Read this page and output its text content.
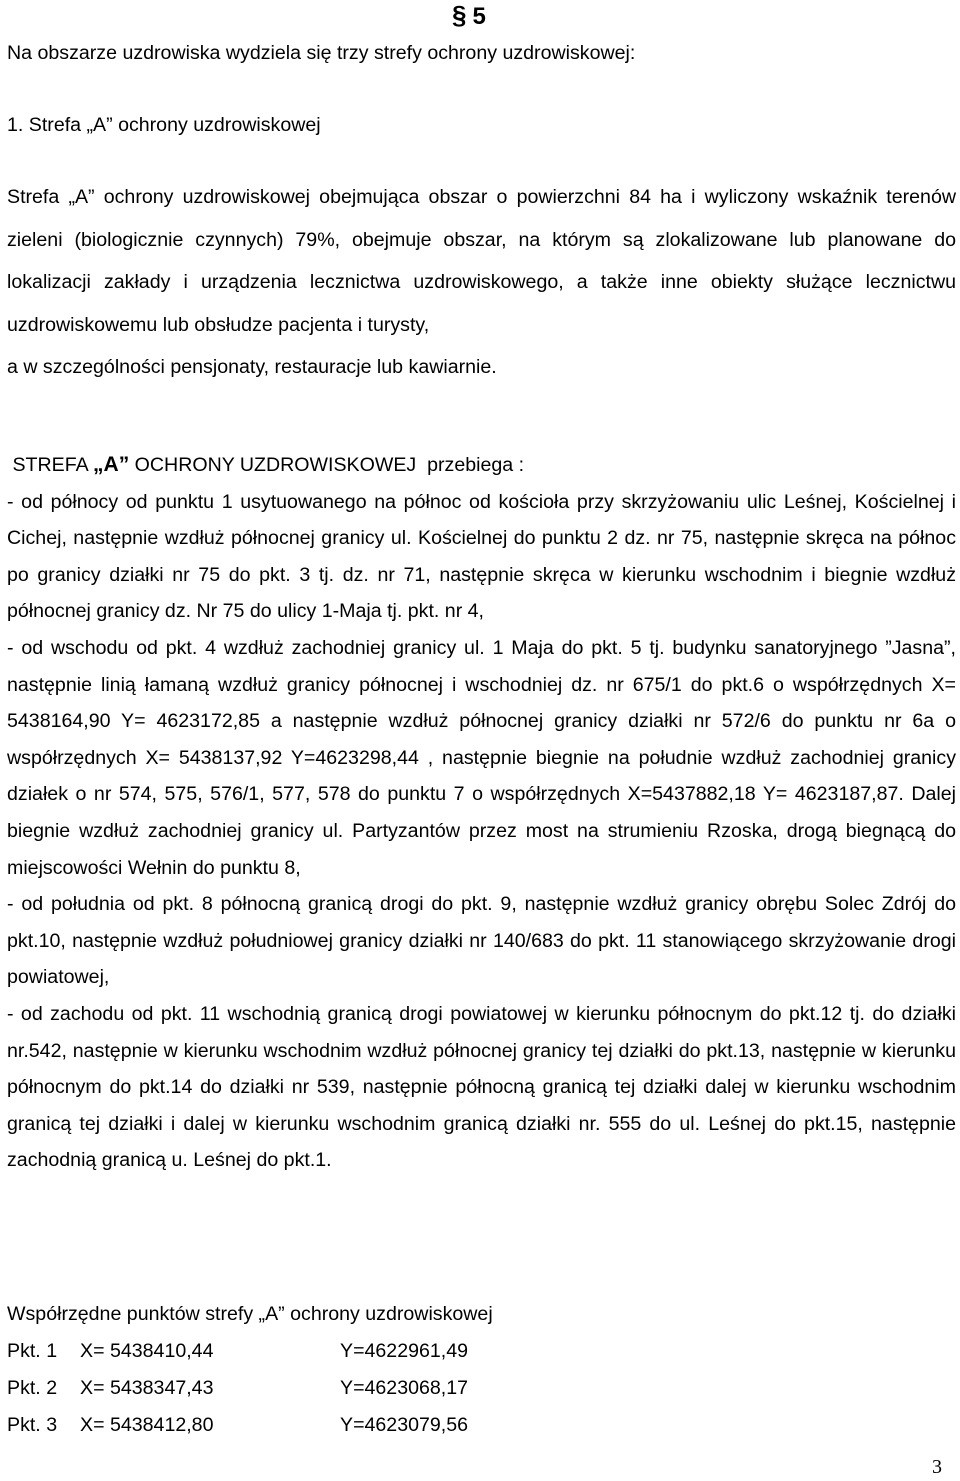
§ 5
Na obszarze uzdrowiska wydziela się trzy strefy ochrony uzdrowiskowej:
1. Strefa „A” ochrony uzdrowiskowej

Strefa „A” ochrony uzdrowiskowej obejmująca obszar o powierzchni 84 ha i wyliczony wskaźnik terenów zieleni (biologicznie czynnych) 79%, obejmuje obszar, na którym są zlokalizowane lub planowane do lokalizacji zakłady i urządzenia lecznictwa uzdrowiskowego, a także inne obiekty służące lecznictwu uzdrowiskowemu lub obsłudze pacjenta i turysty,

a w szczególności pensjonaty, restauracje lub kawiarnie.

STREFA „A” OCHRONY UZDROWISKOWEJ  przebiega :

- od północy od punktu 1 usytuowanego na północ od kościoła przy skrzyżowaniu ulic Leśnej, Kościelnej i Cichej, następnie wzdłuż północnej granicy ul. Kościelnej do punktu 2 dz. nr 75, następnie skręca na północ po granicy działki nr 75 do pkt. 3 tj. dz. nr 71, następnie skręca w kierunku wschodnim i biegnie wzdłuż północnej granicy dz. Nr 75 do ulicy 1-Maja tj. pkt. nr 4,

- od wschodu od pkt. 4 wzdłuż zachodniej granicy ul. 1 Maja do pkt. 5 tj. budynku sanatoryjnego ”Jasna”, następnie linią łamaną wzdłuż granicy północnej i wschodniej dz. nr 675/1 do pkt.6 o współrzędnych X= 5438164,90 Y= 4623172,85 a następnie wzdłuż północnej granicy działki nr 572/6 do punktu nr 6a o współrzędnych X= 5438137,92 Y=4623298,44 , następnie biegnie na południe wzdłuż zachodniej granicy działek o nr 574, 575, 576/1, 577, 578 do punktu 7 o współrzędnych X=5437882,18 Y= 4623187,87. Dalej biegnie wzdłuż zachodniej granicy ul. Partyzantów przez most na strumieniu Rzoska, drogą biegnącą do miejscowości Wełnin do punktu 8,

- od południa od pkt. 8 północną granicą drogi do pkt. 9, następnie wzdłuż granicy obrębu Solec Zdrój do pkt.10, następnie wzdłuż południowej granicy działki nr 140/683 do pkt. 11 stanowiącego skrzyżowanie drogi powiatowej,

- od zachodu od pkt. 11 wschodnią granicą drogi powiatowej w kierunku północnym do pkt.12 tj. do działki nr.542, następnie w kierunku wschodnim wzdłuż północnej granicy tej działki do pkt.13, następnie w kierunku północnym do pkt.14 do działki nr 539, następnie północną granicą tej działki dalej w kierunku wschodnim granicą tej działki i dalej w kierunku wschodnim granicą działki nr. 555 do ul. Leśnej do pkt.15, następnie zachodnią granicą u. Leśnej do pkt.1.

Współrzędne punktów strefy „A” ochrony uzdrowiskowej
Pkt. 1 X= 5438410,44	Y=4622961,49
Pkt. 2 X= 5438347,43	Y=4623068,17
Pkt. 3 X= 5438412,80	Y=4623079,56
3
